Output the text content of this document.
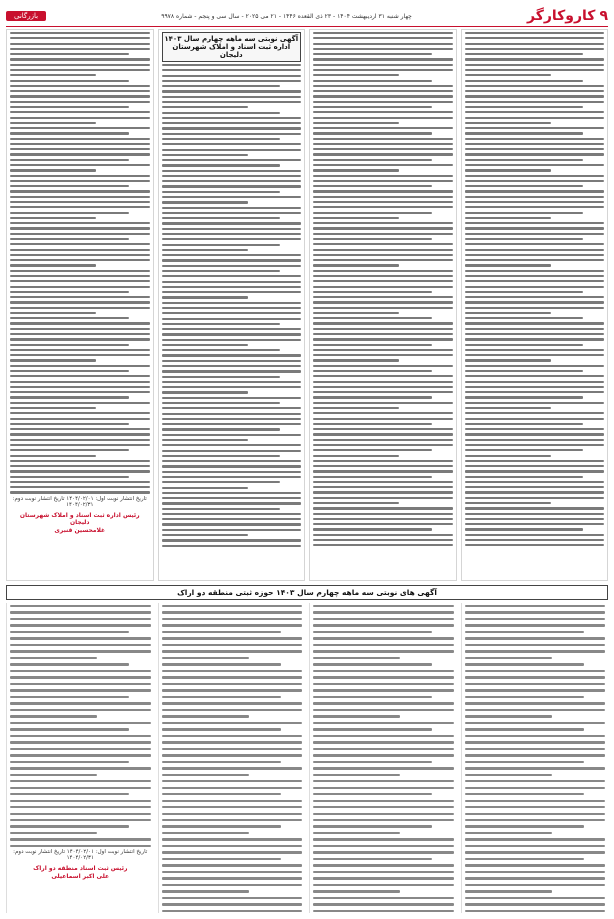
۹
کاروکارگر
چهار شنبه ۳۱ اردیبهشت ۱۴۰۴ - ۲۳ ذی القعده ۱۴۴۶ - ۲۱ می ۲۰۲۵ - سال سی و پنجم - شماره ۹۹۷۸
بازرگانی
آگهی نوبتی سه ماهه چهارم سال ۱۴۰۳ اداره ثبت اسناد و املاک شهرستان دلیجان
تاریخ انتشار نوبت اول: ۱۴۰۴/۰۲/۰۱ تاریخ انتشار نوبت دوم: ۱۴۰۴/۰۲/۳۱
رئیس اداره ثبت اسناد و املاک شهرستان دلیجان
غلامحسین قنبری
آگهی های نوبتی سه ماهه چهارم سال ۱۴۰۳ حوزه ثبتی منطقه دو اراک
تاریخ انتشار نوبت اول: ۱۴۰۴/۰۲/۰۱ تاریخ انتشار نوبت دوم: ۱۴۰۴/۰۲/۳۱
رئیس ثبت اسناد منطقه دو اراک
علی اکبر اسماعیلی
